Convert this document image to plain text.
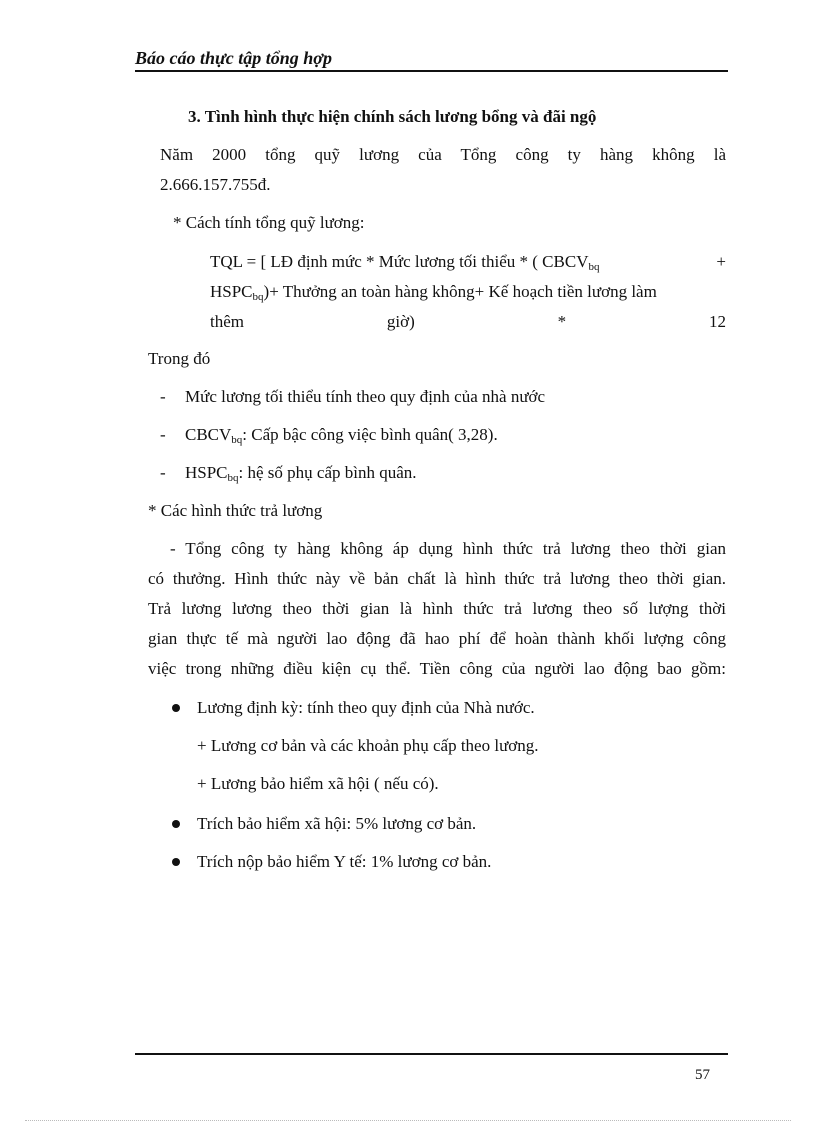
Báo cáo thực tập tổng hợp
3. Tình hình thực hiện chính sách lương bổng và đãi ngộ
Năm 2000 tổng quỹ lương của Tổng công ty hàng không là
2.666.157.755đ.
* Cách tính tổng quỹ lương:
TQL = [ LĐ định mức * Mức lương tối thiểu * ( $CBCV_{bq}$	+
$HSPC_{bq})+$ Thưởng an toàn hàng không+ Kế hoạch tiền lương làm
thêm giờ) * 12
Trong đó
- Mức lương tối thiểu tính theo quy định của nhà nước
- $CBCV_{bq}$: Cấp bậc công việc bình quân( 3,28).
- $HSPC_{bq}$: hệ số phụ cấp bình quân.
* Các hình thức trả lương
- Tổng công ty hàng không áp dụng hình thức trả lương theo thời gian
có thưởng. Hình thức này về bản chất là hình thức trả lương theo thời gian.
Trả lương lương theo thời gian là hình thức trả lương theo số lượng thời
gian thực tế mà người lao động đã hao phí để hoàn thành khối lượng công
việc trong những điều kiện cụ thể. Tiền công của người lao động bao gồm:
Lương định kỳ: tính theo quy định của Nhà nước.
+ Lương cơ bản và các khoản phụ cấp theo lương.
+ Lương bảo hiểm xã hội ( nếu có).
Trích bảo hiểm xã hội: 5% lương cơ bản.
Trích nộp bảo hiểm Y tế: 1% lương cơ bản.
57
